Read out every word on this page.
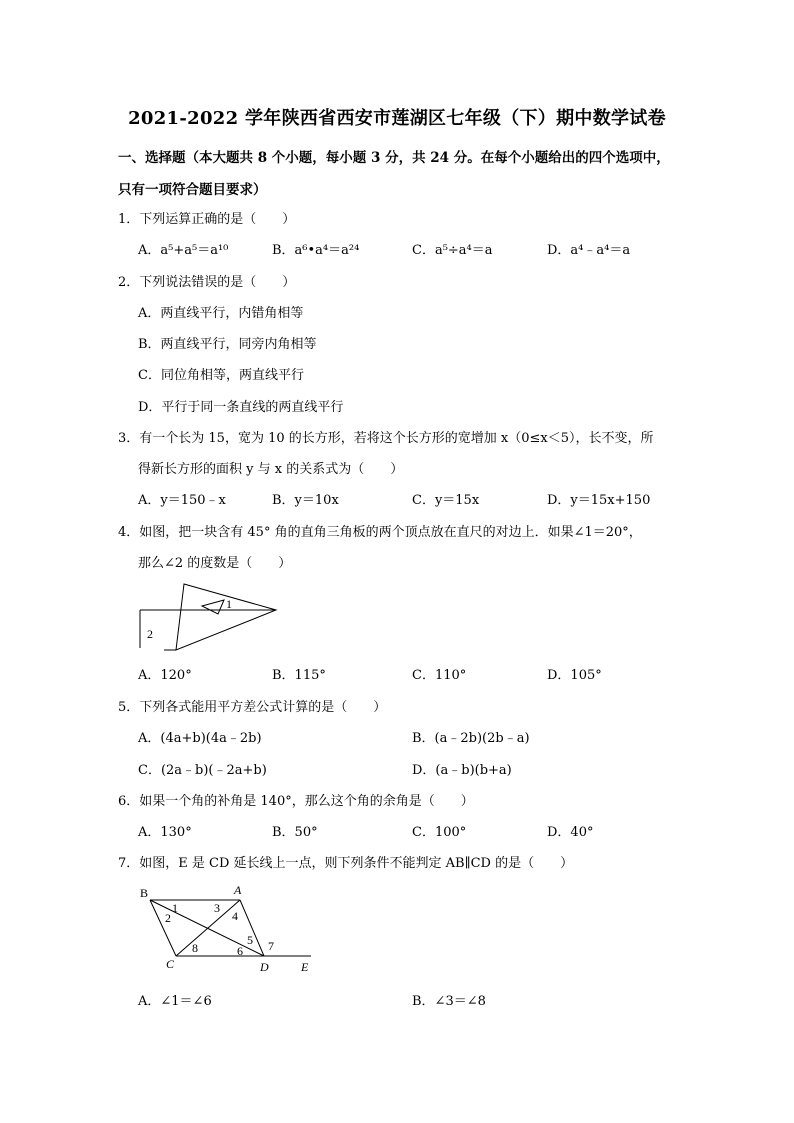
2021-2022 学年陕西省西安市莲湖区七年级（下）期中数学试卷
一、选择题（本大题共 8 个小题，每小题 3 分，共 24 分。在每个小题给出的四个选项中，
只有一项符合题目要求）
1．下列运算正确的是（　　）
A．a⁵+a⁵＝a¹⁰	B．a⁶•a⁴＝a²⁴	C．a⁵÷a⁴＝a	D．a⁴﹣a⁴＝a
2．下列说法错误的是（　　）
A．两直线平行，内错角相等
B．两直线平行，同旁内角相等
C．同位角相等，两直线平行
D．平行于同一条直线的两直线平行
3．有一个长为 15，宽为 10 的长方形，若将这个长方形的宽增加 x（0≤x＜5），长不变，所
得新长方形的面积 y 与 x 的关系式为（　　）
A．y＝150﹣x	B．y＝10x	C．y＝15x	D．y＝15x+150
4．如图，把一块含有 45° 角的直角三角板的两个顶点放在直尺的对边上．如果∠1＝20°，
那么∠2 的度数是（　　）
1
2
A．120°	B．115°	C．110°	D．105°
5．下列各式能用平方差公式计算的是（　　）
A．(4a+b)(4a﹣2b)	B．(a﹣2b)(2b﹣a)
C．(2a﹣b)(﹣2a+b)	D．(a﹣b)(b+a)
6．如果一个角的补角是 140°，那么这个角的余角是（　　）
A．130°	B．50°	C．100°	D．40°
7．如图，E 是 CD 延长线上一点，则下列条件不能判定 AB∥CD 的是（　　）
B	A
1	3
2	4
5 7
8	6
C	D	E
A．∠1＝∠6	B．∠3＝∠8
